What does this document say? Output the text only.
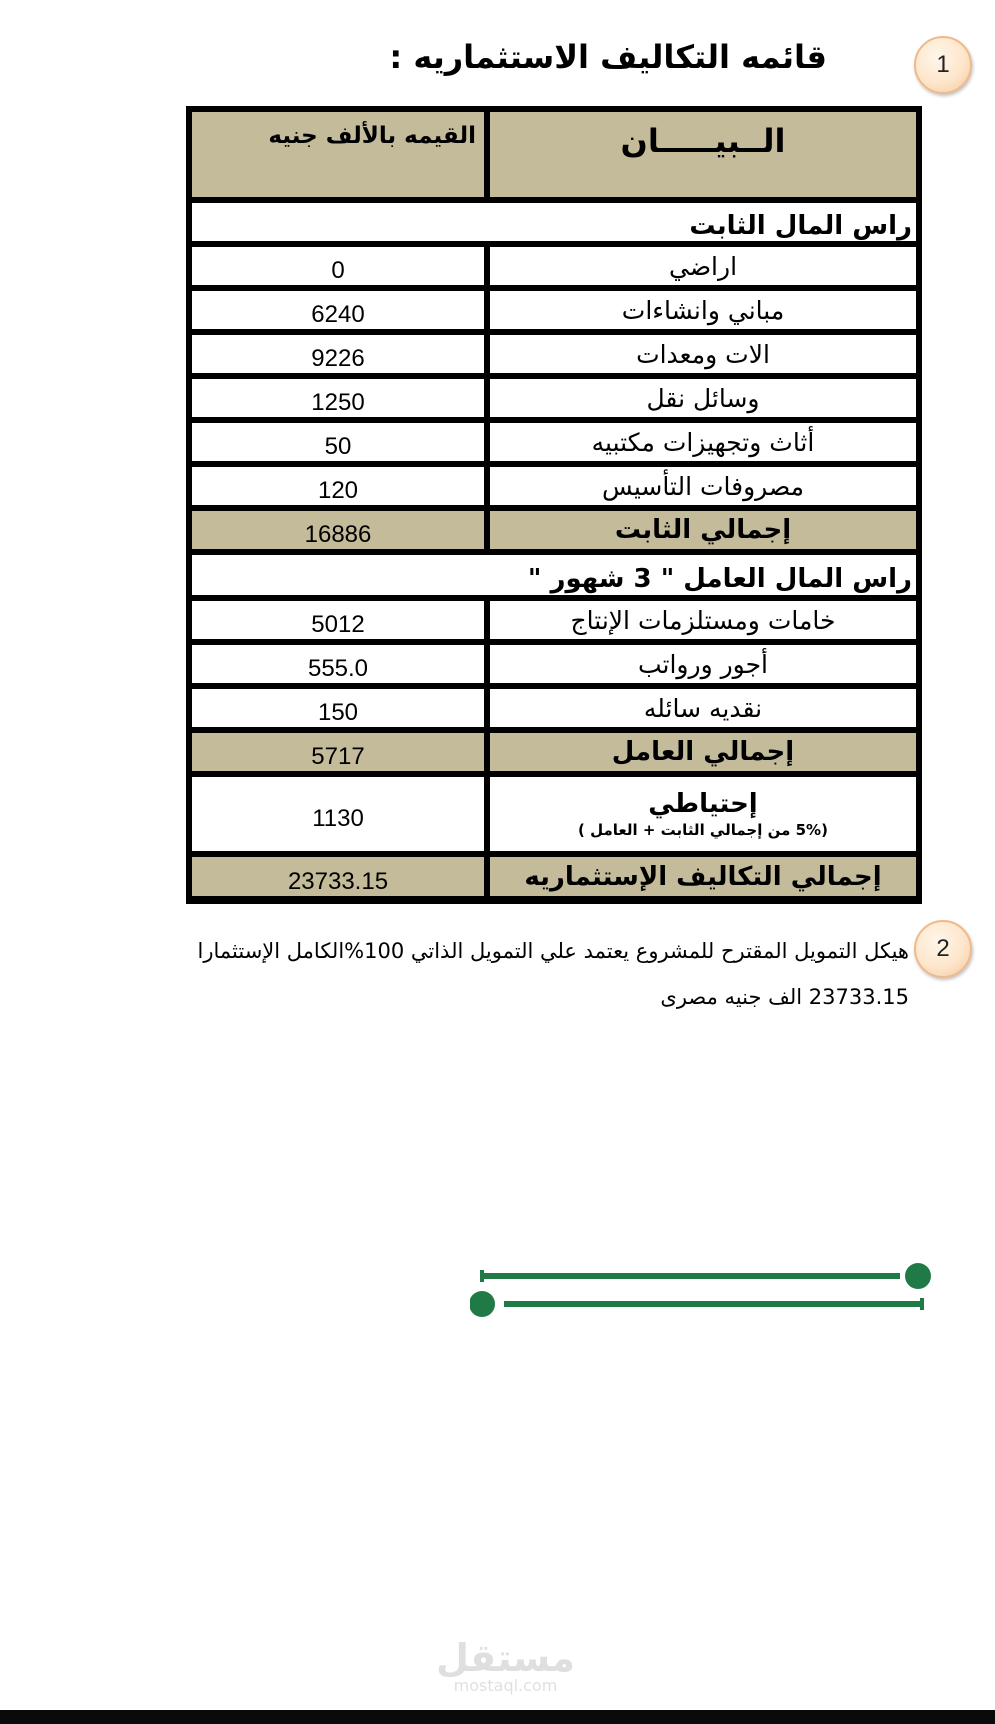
1
قائمه التكاليف الاستثماريه :
الــبيـــــان	القيمه بالألف جنيه
راس المال الثابت	
اراضي	0
مباني وانشاءات	6240
الات ومعدات	9226
وسائل نقل	1250
أثاث وتجهيزات مكتبيه	50
مصروفات التأسيس	120
إجمالي الثابت	16886
راس المال العامل " 3 شهور "	
خامات ومستلزمات الإنتاج	5012
أجور ورواتب	555.0
نقديه سائله	150
إجمالي العامل	5717

إحتياطي
(5% من إجمالي الثابت + العامل )	1130
إجمالي التكاليف الإستثماريه	23733.15
2
هيكل التمويل المقترح للمشروع يعتمد علي التمويل الذاتي 100%الكامل الإستثمارا
23733.15 الف جنيه مصرى
مستقل
mostaql.com
